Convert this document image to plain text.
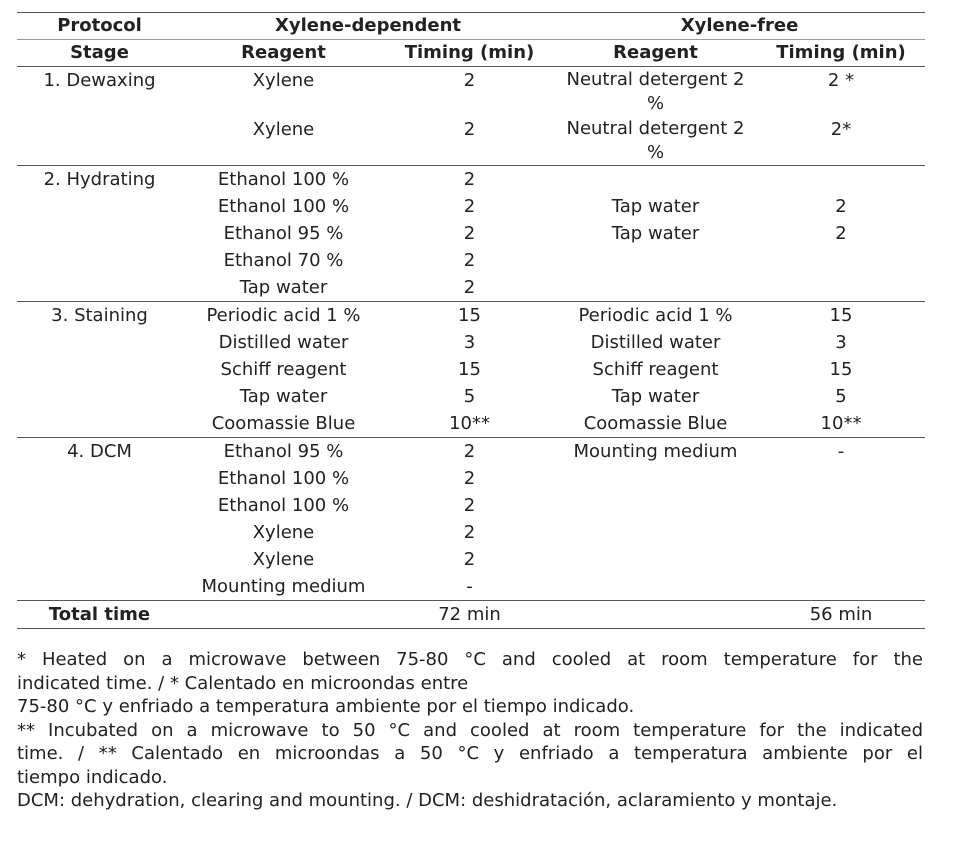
Protocol	Xylene-dependent		Xylene-free	
Stage	Reagent	Timing (min)	Reagent	Timing (min)
1. Dewaxing	Xylene	2	Neutral detergent 2 %	2 *
	Xylene	2	Neutral detergent 2 %	2*
2. Hydrating	Ethanol 100 %	2		
	Ethanol 100 %	2	Tap water	2
	Ethanol 95 %	2	Tap water	2
	Ethanol 70 %	2		
	Tap water	2		
3. Staining	Periodic acid 1 %	15	Periodic acid 1 %	15
	Distilled water	3	Distilled water	3
	Schiff reagent	15	Schiff reagent	15
	Tap water	5	Tap water	5
	Coomassie Blue	10**	Coomassie Blue	10**
4. DCM	Ethanol 95 %	2	Mounting medium	-
	Ethanol 100 %	2		
	Ethanol 100 %	2		
	Xylene	2		
	Xylene	2		
	Mounting medium	-		
Total time		72 min		56 min

* Heated on a microwave between 75-80 °C and cooled at room temperature for the

indicated time. / * Calentado en microondas entre

75-80 °C y enfriado a temperatura ambiente por el tiempo indicado.

** Incubated on a microwave to 50 °C and cooled at room temperature for the indicated

time. / ** Calentado en microondas a 50 °C y enfriado a temperatura ambiente por el

tiempo indicado.

DCM: dehydration, clearing and mounting. / DCM: deshidratación, aclaramiento y montaje.
